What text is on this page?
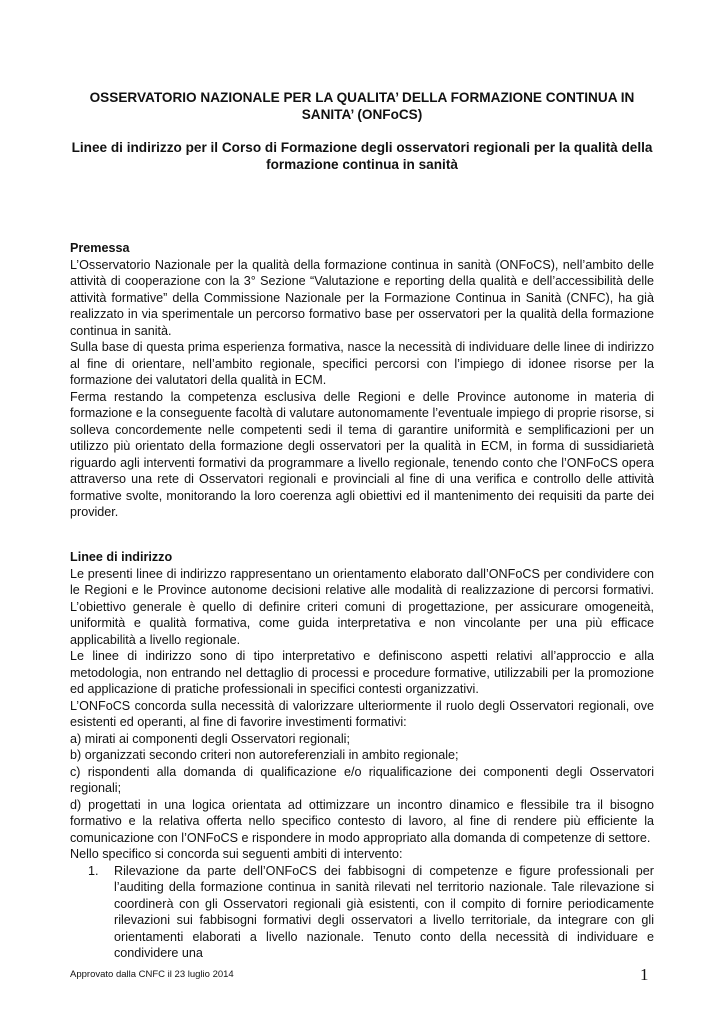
OSSERVATORIO NAZIONALE PER LA QUALITA’ DELLA FORMAZIONE CONTINUA IN SANITA’ (ONFoCS)
Linee di indirizzo per il Corso di Formazione degli osservatori regionali per la qualità della formazione continua in sanità
Premessa

L’Osservatorio Nazionale per la qualità della formazione continua in sanità (ONFoCS), nell’ambito delle attività di cooperazione con la 3° Sezione “Valutazione e reporting della qualità e dell’accessibilità delle attività formative” della Commissione Nazionale per la Formazione Continua in Sanità (CNFC), ha già realizzato in via sperimentale un percorso formativo base per osservatori per la qualità della formazione continua in sanità.

Sulla base di questa prima esperienza formativa, nasce la necessità di individuare delle linee di indirizzo al fine di orientare, nell’ambito regionale, specifici percorsi con l’impiego di idonee risorse per la formazione dei valutatori della qualità in ECM.

Ferma restando la competenza esclusiva delle Regioni e delle Province autonome in materia di formazione e la conseguente facoltà di valutare autonomamente l’eventuale impiego di proprie risorse, si solleva concordemente nelle competenti sedi il tema di garantire uniformità e semplificazioni per un utilizzo più orientato della formazione degli osservatori per la qualità in ECM, in forma di sussidiarietà riguardo agli interventi formativi da programmare a livello regionale, tenendo conto che l’ONFoCS opera attraverso una rete di Osservatori regionali e provinciali al fine di una verifica e controllo delle attività formative svolte, monitorando la loro coerenza agli obiettivi ed il mantenimento dei requisiti da parte dei provider.

Linee di indirizzo

Le presenti linee di indirizzo rappresentano un orientamento elaborato dall’ONFoCS per condividere con le Regioni e le Province autonome decisioni relative alle modalità di realizzazione di percorsi formativi. L’obiettivo generale è quello di definire criteri comuni di progettazione, per assicurare omogeneità, uniformità e qualità formativa, come guida interpretativa e non vincolante per una più efficace applicabilità a livello regionale.

Le linee di indirizzo sono di tipo interpretativo e definiscono aspetti relativi all’approccio e alla metodologia, non entrando nel dettaglio di processi e procedure formative, utilizzabili per la promozione ed applicazione di pratiche professionali in specifici contesti organizzativi.

L’ONFoCS concorda sulla necessità di valorizzare ulteriormente il ruolo degli Osservatori regionali, ove esistenti ed operanti, al fine di favorire investimenti formativi:

a) mirati ai componenti degli Osservatori regionali;

b) organizzati secondo criteri non autoreferenziali in ambito regionale;

c) rispondenti alla domanda di qualificazione e/o riqualificazione dei componenti degli Osservatori regionali;

d) progettati in una logica orientata ad ottimizzare un incontro dinamico e flessibile tra il bisogno formativo e la relativa offerta nello specifico contesto di lavoro, al fine di rendere più efficiente la comunicazione con l’ONFoCS e rispondere in modo appropriato alla domanda di competenze di settore.

Nello specifico si concorda sui seguenti ambiti di intervento:

1. Rilevazione da parte dell’ONFoCS dei fabbisogni di competenze e figure professionali per l’auditing della formazione continua in sanità rilevati nel territorio nazionale. Tale rilevazione si coordinerà con gli Osservatori regionali già esistenti, con il compito di fornire periodicamente rilevazioni sui fabbisogni formativi degli osservatori a livello territoriale, da integrare con gli orientamenti elaborati a livello nazionale. Tenuto conto della necessità di individuare e condividere una
Approvato dalla CNFC il 23 luglio 2014	1
